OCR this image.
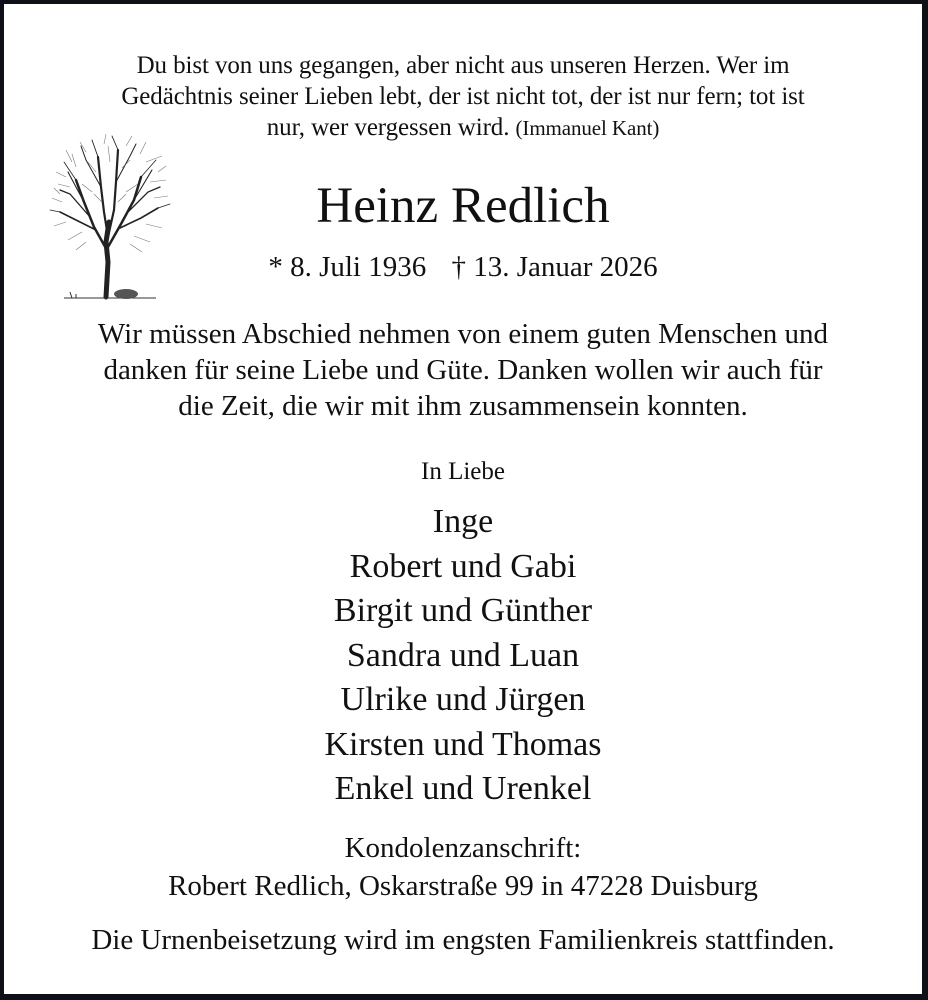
Du bist von uns gegangen, aber nicht aus unseren Herzen. Wer im
Gedächtnis seiner Lieben lebt, der ist nicht tot, der ist nur fern; tot ist
nur, wer vergessen wird. (Immanuel Kant)
Heinz Redlich
* 8. Juli 1936 † 13. Januar 2026
Wir müssen Abschied nehmen von einem guten Menschen und
danken für seine Liebe und Güte. Danken wollen wir auch für
die Zeit, die wir mit ihm zusammensein konnten.
In Liebe
Inge
Robert und Gabi
Birgit und Günther
Sandra und Luan
Ulrike und Jürgen
Kirsten und Thomas
Enkel und Urenkel
Kondolenzanschrift:
Robert Redlich, Oskarstraße 99 in 47228 Duisburg
Die Urnenbeisetzung wird im engsten Familienkreis stattfinden.
